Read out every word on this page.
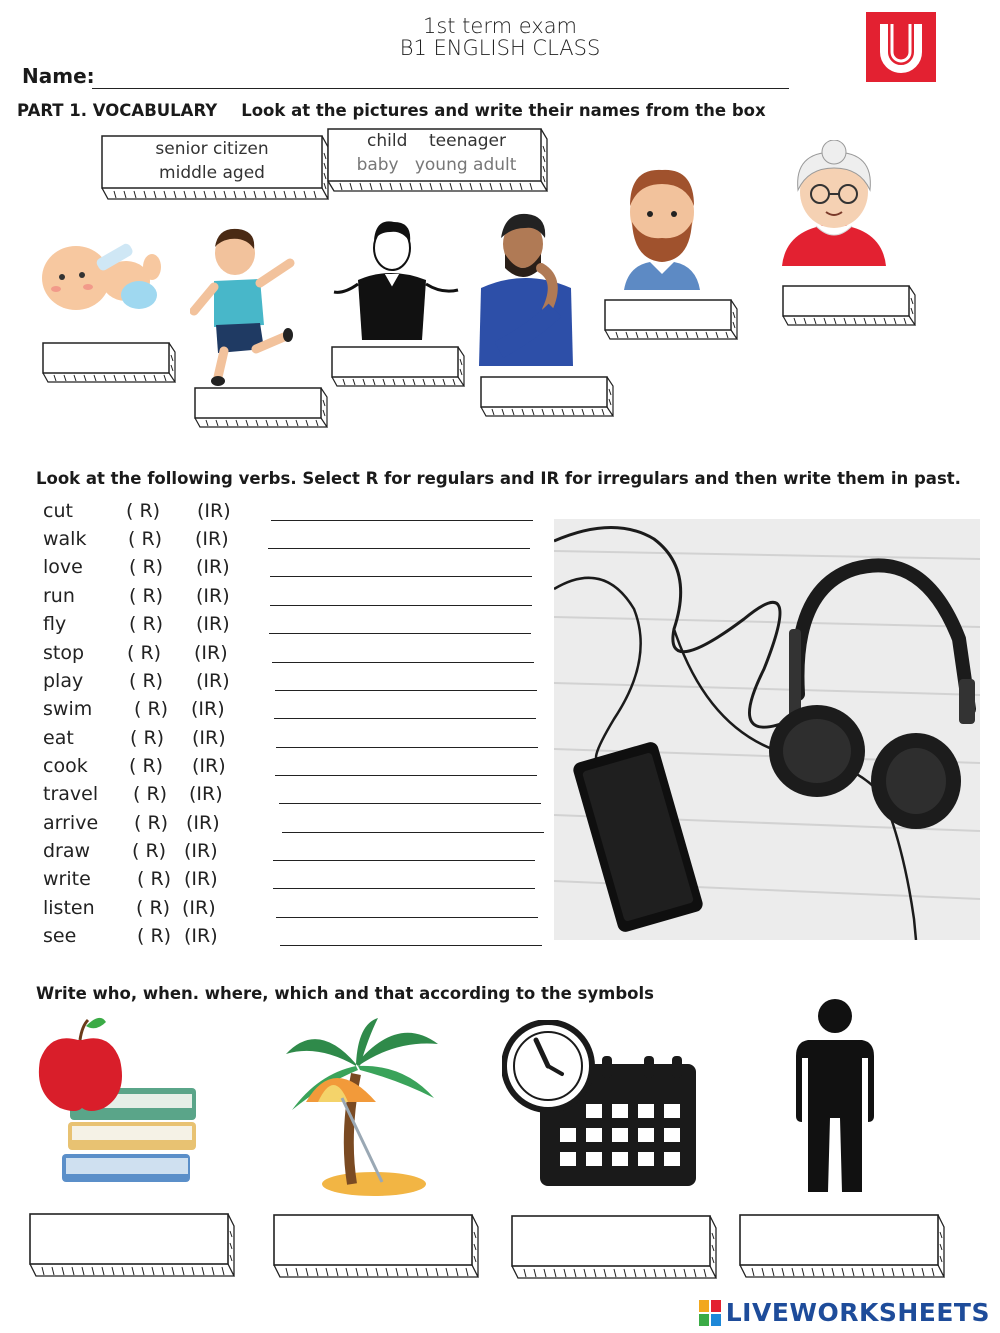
1st term exam
B1 ENGLISH CLASS
Name:
PART 1. VOCABULARY Look at the pictures and write their names from the box
senior citizen
middle aged
child teenager
baby young adult
Look at the following verbs. Select R for regulars and IR for irregulars and then write them in past.
cut
walk
love
run
fly
stop
play
swim
eat
cook
travel
arrive
draw
write
listen
see
( R) (IR)
( R) (IR)
( R) (IR)
( R) (IR)
( R) (IR)
( R) (IR)
( R) (IR)
( R) (IR)
( R) (IR)
( R) (IR)
( R) (IR)
( R) (IR)
( R) (IR)
( R) (IR)
( R) (IR)
( R) (IR)
Write who, when. where, which and that according to the symbols
LIVEWORKSHEETS
